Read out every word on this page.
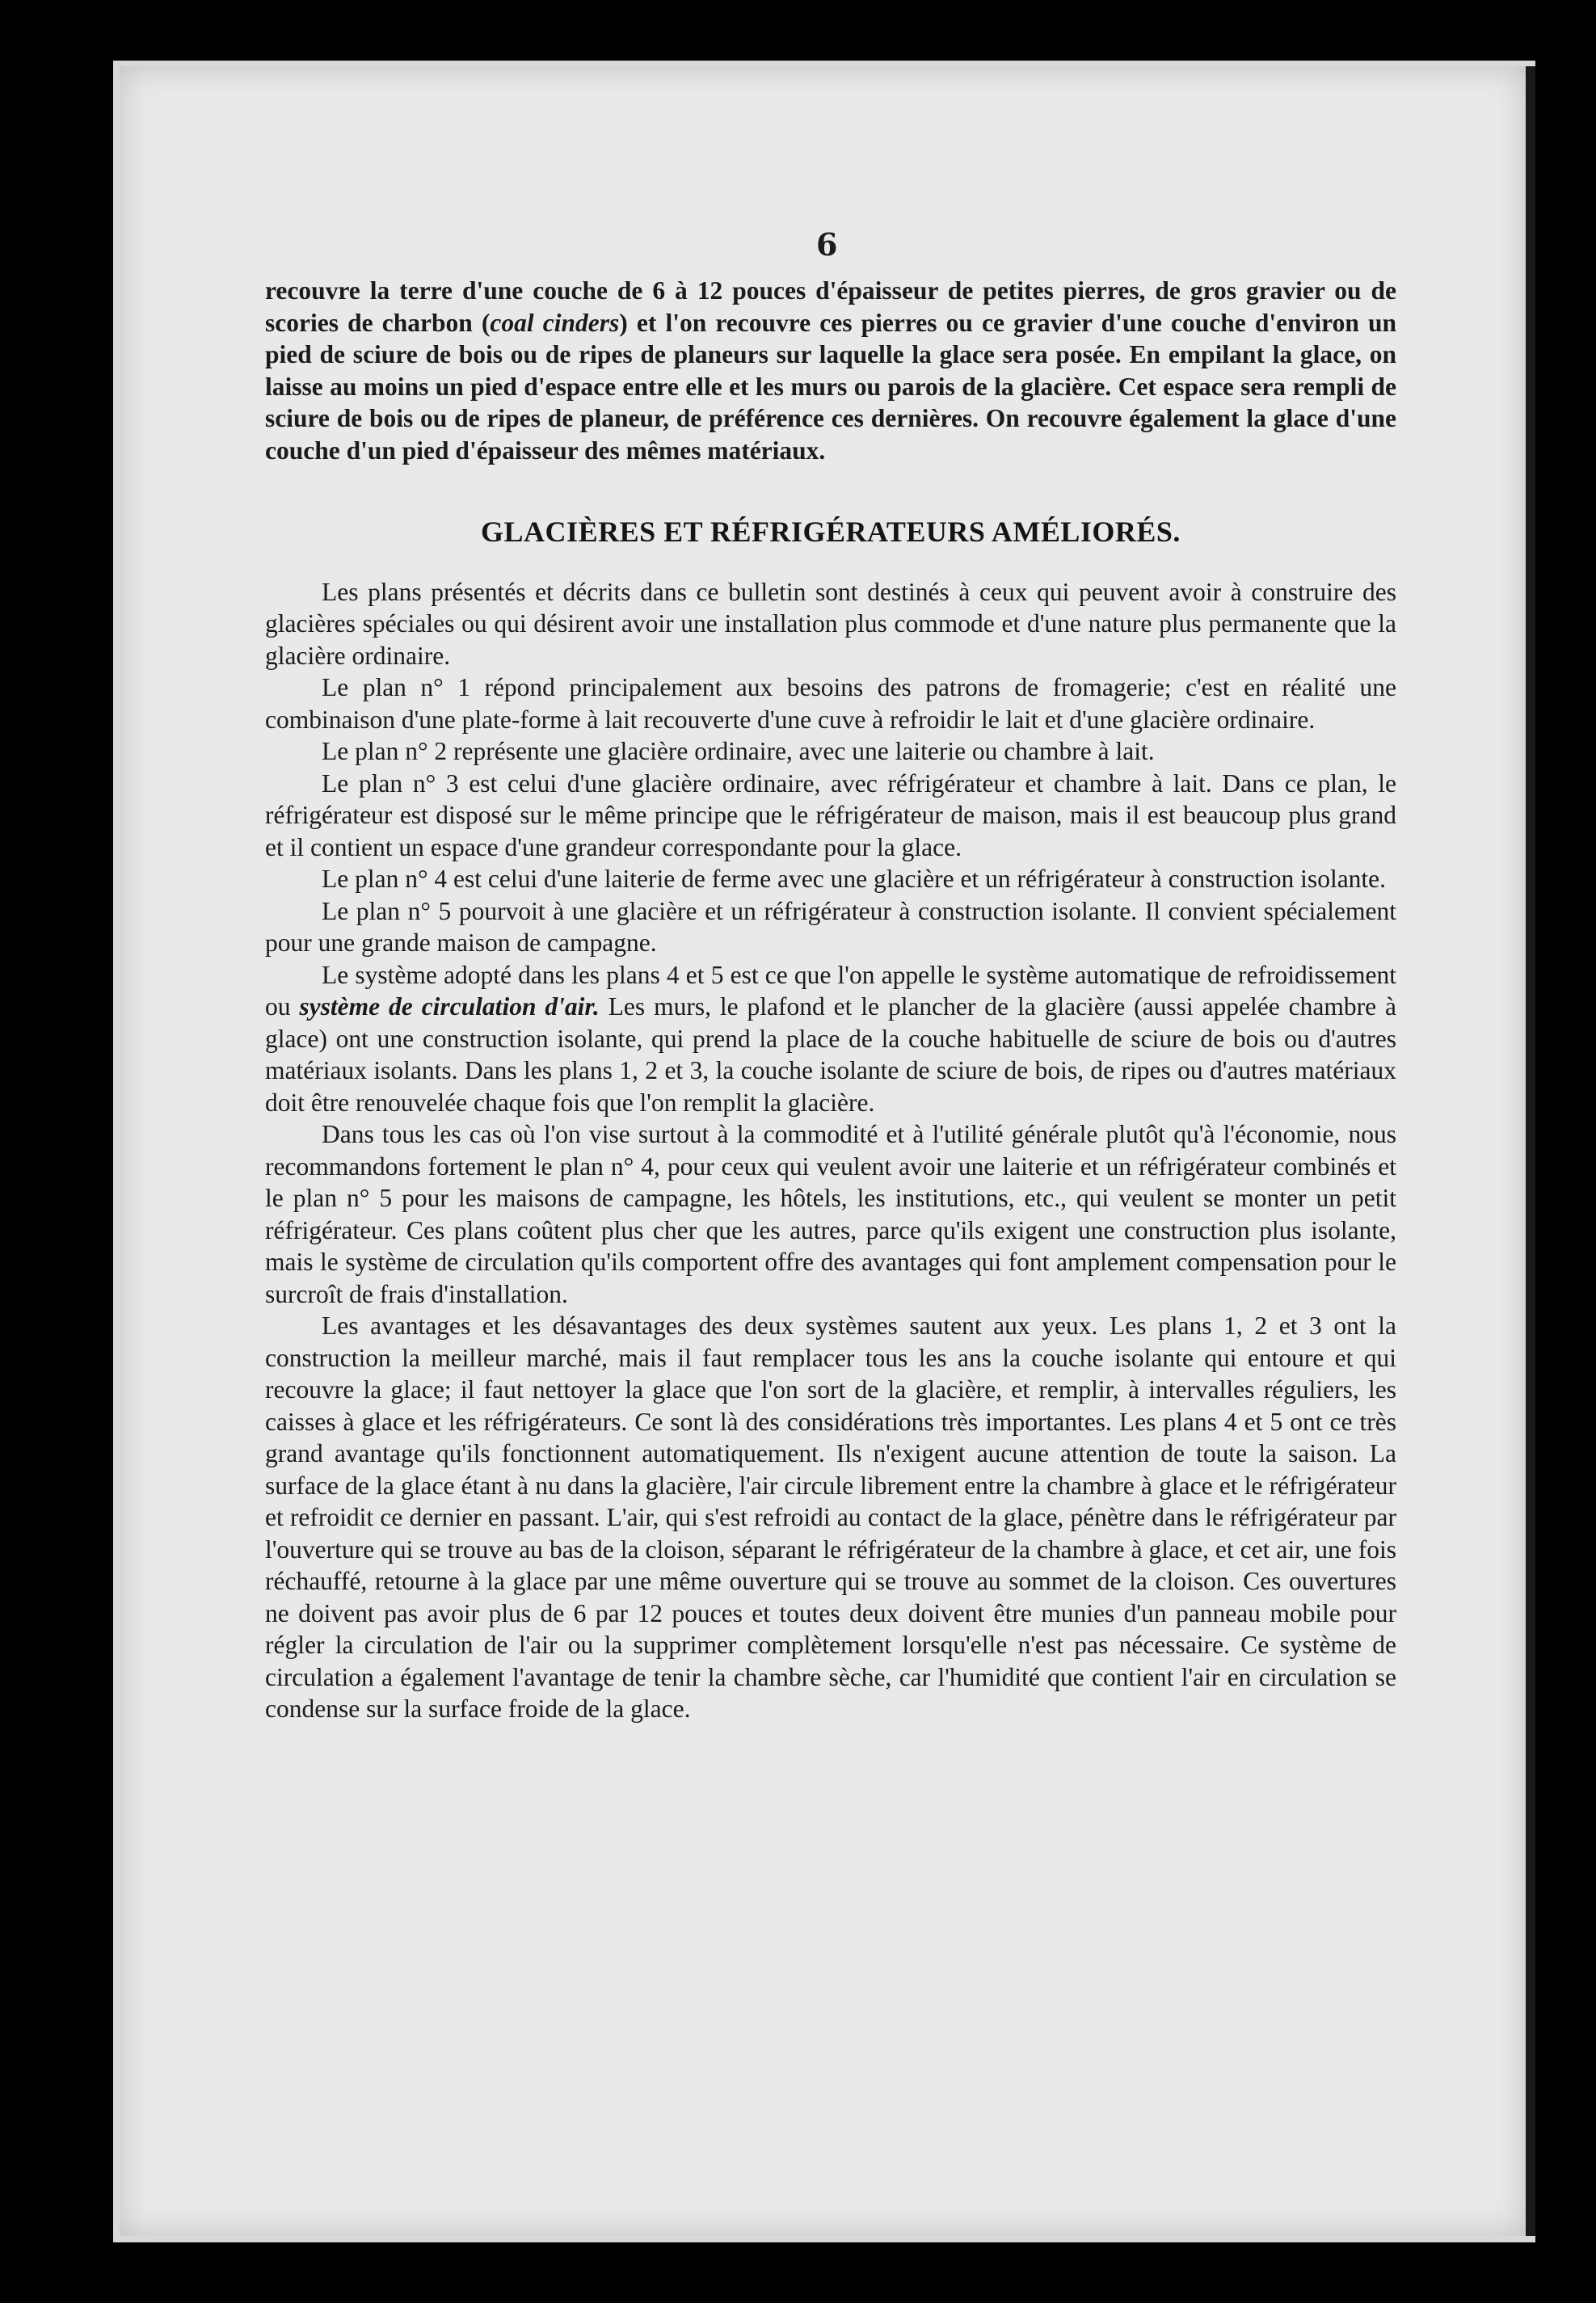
6

recouvre la terre d'une couche de 6 à 12 pouces d'épaisseur de petites pierres, de gros gravier ou de scories de charbon (coal cinders) et l'on recouvre ces pierres ou ce gravier d'une couche d'environ un pied de sciure de bois ou de ripes de planeurs sur laquelle la glace sera posée. En empilant la glace, on laisse au moins un pied d'espace entre elle et les murs ou parois de la glacière. Cet espace sera rempli de sciure de bois ou de ripes de planeur, de préférence ces dernières. On recouvre également la glace d'une couche d'un pied d'épaisseur des mêmes matériaux.

GLACIÈRES ET RÉFRIGÉRATEURS AMÉLIORÉS.

Les plans présentés et décrits dans ce bulletin sont destinés à ceux qui peuvent avoir à construire des glacières spéciales ou qui désirent avoir une installation plus commode et d'une nature plus permanente que la glacière ordinaire.

Le plan n° 1 répond principalement aux besoins des patrons de fromagerie; c'est en réalité une combinaison d'une plate-forme à lait recouverte d'une cuve à refroidir le lait et d'une glacière ordinaire.

Le plan n° 2 représente une glacière ordinaire, avec une laiterie ou chambre à lait.

Le plan n° 3 est celui d'une glacière ordinaire, avec réfrigérateur et chambre à lait. Dans ce plan, le réfrigérateur est disposé sur le même principe que le réfrigérateur de maison, mais il est beaucoup plus grand et il contient un espace d'une grandeur correspondante pour la glace.

Le plan n° 4 est celui d'une laiterie de ferme avec une glacière et un réfrigérateur à construction isolante.

Le plan n° 5 pourvoit à une glacière et un réfrigérateur à construction isolante. Il convient spécialement pour une grande maison de campagne.

Le système adopté dans les plans 4 et 5 est ce que l'on appelle le système automatique de refroidissement ou système de circulation d'air. Les murs, le plafond et le plancher de la glacière (aussi appelée chambre à glace) ont une construction isolante, qui prend la place de la couche habituelle de sciure de bois ou d'autres matériaux isolants. Dans les plans 1, 2 et 3, la couche isolante de sciure de bois, de ripes ou d'autres matériaux doit être renouvelée chaque fois que l'on remplit la glacière.

Dans tous les cas où l'on vise surtout à la commodité et à l'utilité générale plutôt qu'à l'économie, nous recommandons fortement le plan n° 4, pour ceux qui veulent avoir une laiterie et un réfrigérateur combinés et le plan n° 5 pour les maisons de campagne, les hôtels, les institutions, etc., qui veulent se monter un petit réfrigérateur. Ces plans coûtent plus cher que les autres, parce qu'ils exigent une construction plus isolante, mais le système de circulation qu'ils comportent offre des avantages qui font amplement compensation pour le surcroît de frais d'installation.

Les avantages et les désavantages des deux systèmes sautent aux yeux. Les plans 1, 2 et 3 ont la construction la meilleur marché, mais il faut remplacer tous les ans la couche isolante qui entoure et qui recouvre la glace; il faut nettoyer la glace que l'on sort de la glacière, et remplir, à intervalles réguliers, les caisses à glace et les réfrigérateurs. Ce sont là des considérations très importantes. Les plans 4 et 5 ont ce très grand avantage qu'ils fonctionnent automatiquement. Ils n'exigent aucune attention de toute la saison. La surface de la glace étant à nu dans la glacière, l'air circule librement entre la chambre à glace et le réfrigérateur et refroidit ce dernier en passant. L'air, qui s'est refroidi au contact de la glace, pénètre dans le réfrigérateur par l'ouverture qui se trouve au bas de la cloison, séparant le réfrigérateur de la chambre à glace, et cet air, une fois réchauffé, retourne à la glace par une même ouverture qui se trouve au sommet de la cloison. Ces ouvertures ne doivent pas avoir plus de 6 par 12 pouces et toutes deux doivent être munies d'un panneau mobile pour régler la circulation de l'air ou la supprimer complètement lorsqu'elle n'est pas nécessaire. Ce système de circulation a également l'avantage de tenir la chambre sèche, car l'humidité que contient l'air en circulation se condense sur la surface froide de la glace.
